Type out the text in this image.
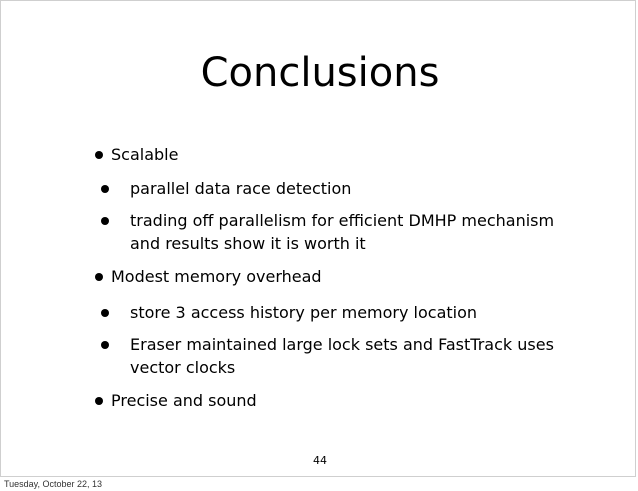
Conclusions
Scalable
parallel data race detection
trading off parallelism for efficient DMHP mechanism
and results show it is worth it
Modest memory overhead
store 3 access history per memory location
Eraser maintained large lock sets and FastTrack uses
vector clocks
Precise and sound
44
Tuesday, October 22, 13
